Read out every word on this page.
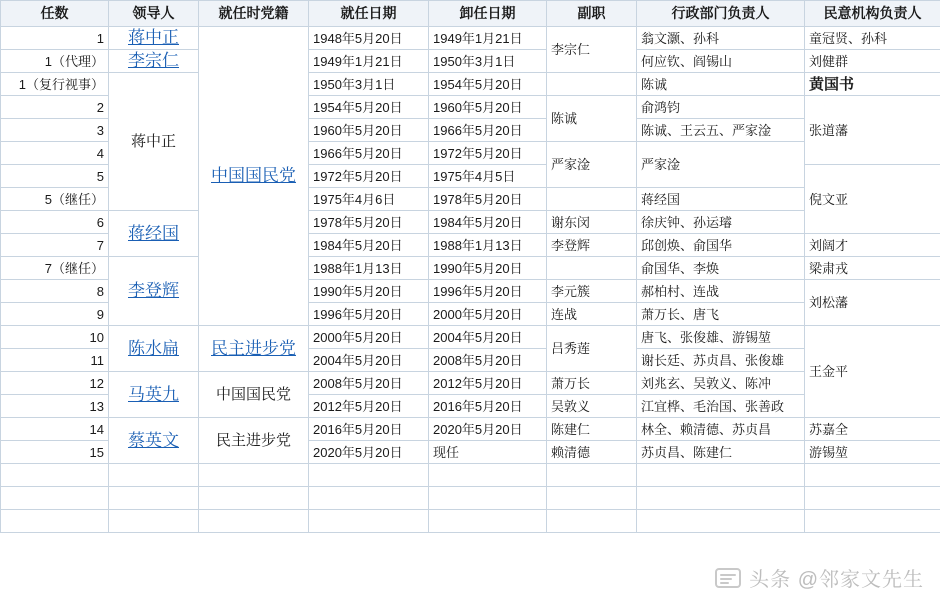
任数	领导人	就任时党籍	就任日期	卸任日期	副职	行政部门负责人	民意机构负责人
1	蒋中正	中国国民党	1948年5月20日	1949年1月21日	李宗仁	翁文灏、孙科	童冠贤、孙科
1（代理）	李宗仁		1949年1月21日	1950年3月1日		何应钦、阎锡山	刘健群
1（复行视事）	蒋中正		1950年3月1日	1954年5月20日		陈诚	黄国书
2			1954年5月20日	1960年5月20日	陈诚	俞鸿钧	张道藩
3			1960年5月20日	1966年5月20日		陈诚、王云五、严家淦	
4			1966年5月20日	1972年5月20日	严家淦	严家淦	
5			1972年5月20日	1975年4月5日			倪文亚
5（继任）			1975年4月6日	1978年5月20日		蒋经国	
6	蒋经国		1978年5月20日	1984年5月20日	谢东闵	徐庆钟、孙运璿	
7			1984年5月20日	1988年1月13日	李登辉	邱创焕、俞国华	刘阔才
7（继任）	李登辉		1988年1月13日	1990年5月20日		俞国华、李焕	梁肃戎
8			1990年5月20日	1996年5月20日	李元簇	郝柏村、连战	刘松藩
9			1996年5月20日	2000年5月20日	连战	萧万长、唐飞	
10	陈水扁	民主进步党	2000年5月20日	2004年5月20日	吕秀莲	唐飞、张俊雄、游锡堃	王金平
11			2004年5月20日	2008年5月20日		谢长廷、苏贞昌、张俊雄	
12	马英九	中国国民党	2008年5月20日	2012年5月20日	萧万长	刘兆玄、吴敦义、陈冲	
13			2012年5月20日	2016年5月20日	吴敦义	江宜桦、毛治国、张善政	
14	蔡英文	民主进步党	2016年5月20日	2020年5月20日	陈建仁	林全、赖清德、苏贞昌	苏嘉全
15			2020年5月20日	现任	赖清德	苏贞昌、陈建仁	游锡堃

头条 @邻家文先生
